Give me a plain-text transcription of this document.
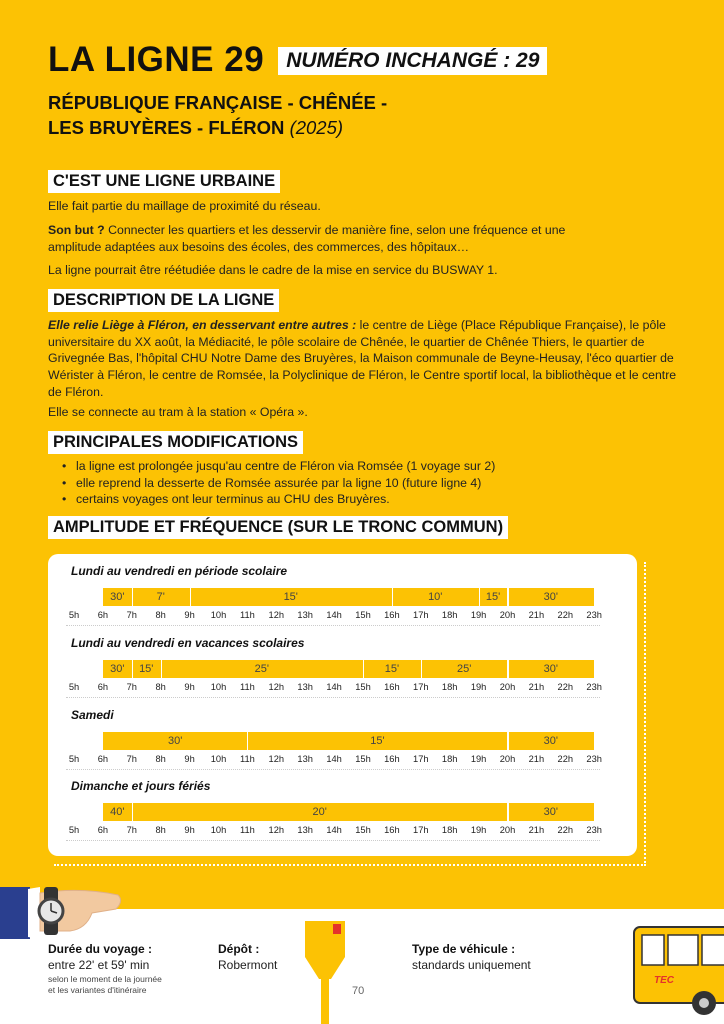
LA LIGNE 29	NUMÉRO INCHANGÉ : 29
RÉPUBLIQUE FRANÇAISE - CHÊNÉE -
LES BRUYÈRES - FLÉRON (2025)
C'EST UNE LIGNE URBAINE
Elle fait partie du maillage de proximité du réseau.
Son but ? Connecter les quartiers et les desservir de manière fine, selon une fréquence et une amplitude adaptées aux besoins des écoles, des commerces, des hôpitaux…
La ligne pourrait être réétudiée dans le cadre de la mise en service du BUSWAY 1.
DESCRIPTION DE LA LIGNE
Elle relie Liège à Fléron, en desservant entre autres : le centre de Liège (Place République Française), le pôle universitaire du XX août, la Médiacité, le pôle scolaire de Chênée, le quartier de Chênée Thiers, le quartier de Grivegnée Bas, l'hôpital CHU Notre Dame des Bruyères, la Maison communale de Beyne-Heusay, l'éco quartier de Wérister à Fléron, le centre de Romsée, la Polyclinique de Fléron, le Centre sportif local, la bibliothèque et le centre de Fléron.
Elle se connecte au tram à la station « Opéra ».
PRINCIPALES MODIFICATIONS
• la ligne est prolongée jusqu'au centre de Fléron via Romsée (1 voyage sur 2)
• elle reprend la desserte de Romsée assurée par la ligne 10 (future ligne 4)
• certains voyages ont leur terminus au CHU des Bruyères.
AMPLITUDE ET FRÉQUENCE (SUR LE TRONC COMMUN)
Lundi au vendredi en période scolaire
30'	7'	15'	10'	15'	30'
5h	6h	7h	8h	9h	10h	11h	12h	13h	14h	15h	16h	17h	18h	19h	20h	21h	22h	23h
Lundi au vendredi en vacances scolaires
30'	15'	25'	15'	25'	30'
5h	6h	7h	8h	9h	10h	11h	12h	13h	14h	15h	16h	17h	18h	19h	20h	21h	22h	23h
Samedi
30'	15'	30'
5h	6h	7h	8h	9h	10h	11h	12h	13h	14h	15h	16h	17h	18h	19h	20h	21h	22h	23h
Dimanche et jours fériés
40'	20'	30'
5h	6h	7h	8h	9h	10h	11h	12h	13h	14h	15h	16h	17h	18h	19h	20h	21h	22h	23h
Durée du voyage :
entre 22' et 59' min
selon le moment de la journée
et les variantes d'itinéraire
Dépôt :
Robermont
70
Type de véhicule :
standards uniquement
TEC
